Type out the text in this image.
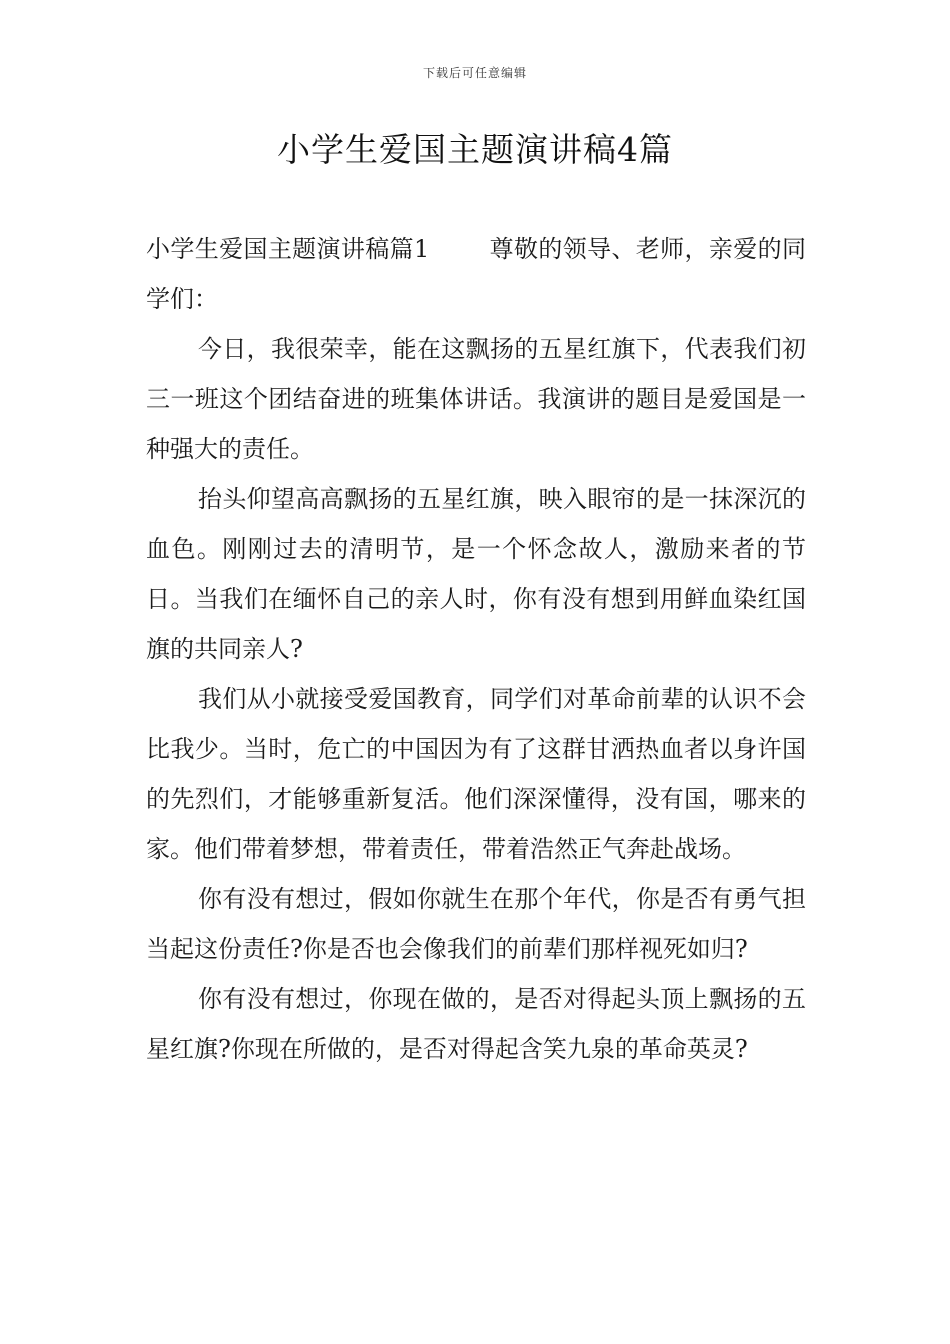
下载后可任意编辑
小学生爱国主题演讲稿4篇

小学生爱国主题演讲稿篇1	尊敬的领导、老师，亲爱的同学们：

今日，我很荣幸，能在这飘扬的五星红旗下，代表我们初三一班这个团结奋进的班集体讲话。我演讲的题目是爱国是一种强大的责任。

抬头仰望高高飘扬的五星红旗，映入眼帘的是一抹深沉的血色。刚刚过去的清明节，是一个怀念故人，激励来者的节日。当我们在缅怀自己的亲人时，你有没有想到用鲜血染红国旗的共同亲人?

我们从小就接受爱国教育，同学们对革命前辈的认识不会比我少。当时，危亡的中国因为有了这群甘洒热血者以身许国的先烈们，才能够重新复活。他们深深懂得，没有国，哪来的家。他们带着梦想，带着责任，带着浩然正气奔赴战场。

你有没有想过，假如你就生在那个年代，你是否有勇气担当起这份责任?你是否也会像我们的前辈们那样视死如归?

你有没有想过，你现在做的，是否对得起头顶上飘扬的五星红旗?你现在所做的，是否对得起含笑九泉的革命英灵?
